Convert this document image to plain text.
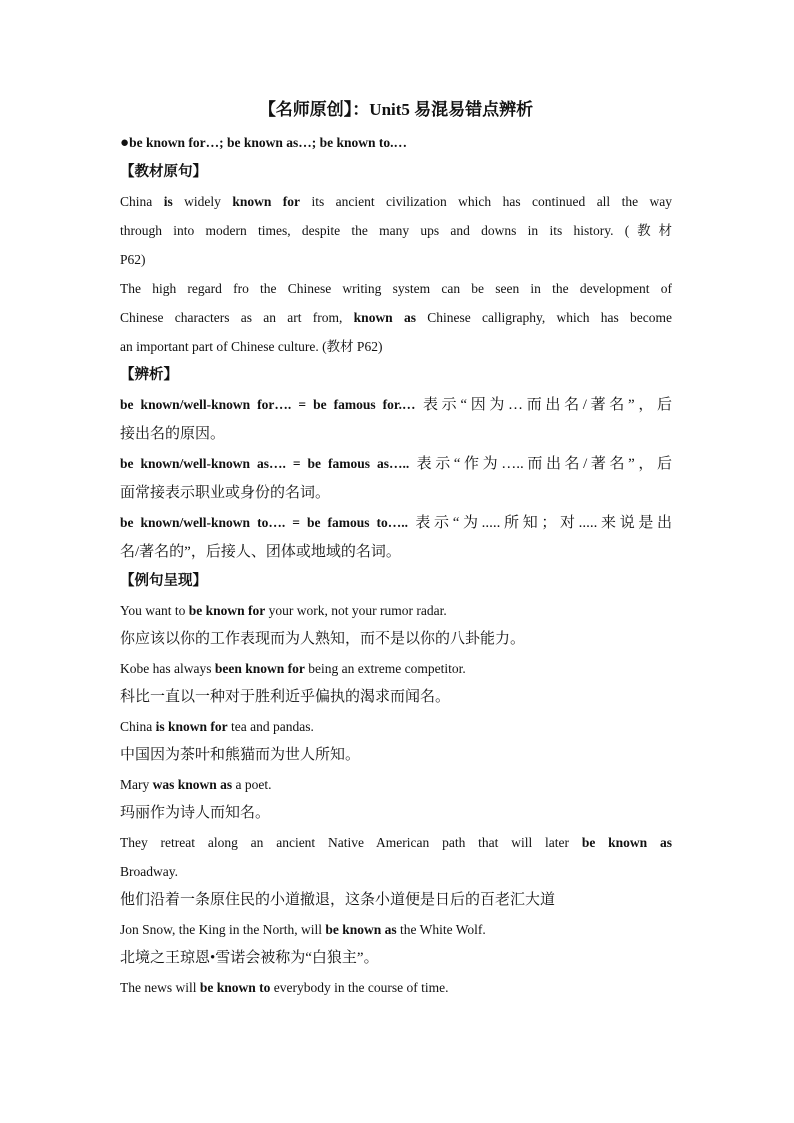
【名师原创】：Unit5 易混易错点辨析
●be known for…; be known as…; be known to.…
【教材原句】
China is widely known for its ancient civilization which has continued all the way
through into modern times, despite the many ups and downs in its history. (教材
P62)
The high regard fro the Chinese writing system can be seen in the development of
Chinese characters as an art from, known as Chinese calligraphy, which has become
an important part of Chinese culture. (教材 P62)
【辨析】
be known/well-known for…. = be famous for.… 表示“因为…而出名/著名”，后
接出名的原因。
be known/well-known as…. = be famous as….. 表示“作为…..而出名/著名”，后
面常接表示职业或身份的名词。
be known/well-known to…. = be famous to….. 表示“为.....所知；对.....来说是出
名/著名的”，后接人、团体或地域的名词。
【例句呈现】
You want to be known for your work, not your rumor radar.
你应该以你的工作表现而为人熟知，而不是以你的八卦能力。
Kobe has always been known for being an extreme competitor.
科比一直以一种对于胜利近乎偏执的渴求而闻名。
China is known for tea and pandas.
中国因为茶叶和熊猫而为世人所知。
Mary was known as a poet.
玛丽作为诗人而知名。
They retreat along an ancient Native American path that will later be known as
Broadway.
他们沿着一条原住民的小道撤退，这条小道便是日后的百老汇大道
Jon Snow, the King in the North, will be known as the White Wolf.
北境之王琼恩•雪诺会被称为“白狼主”。
The news will be known to everybody in the course of time.
